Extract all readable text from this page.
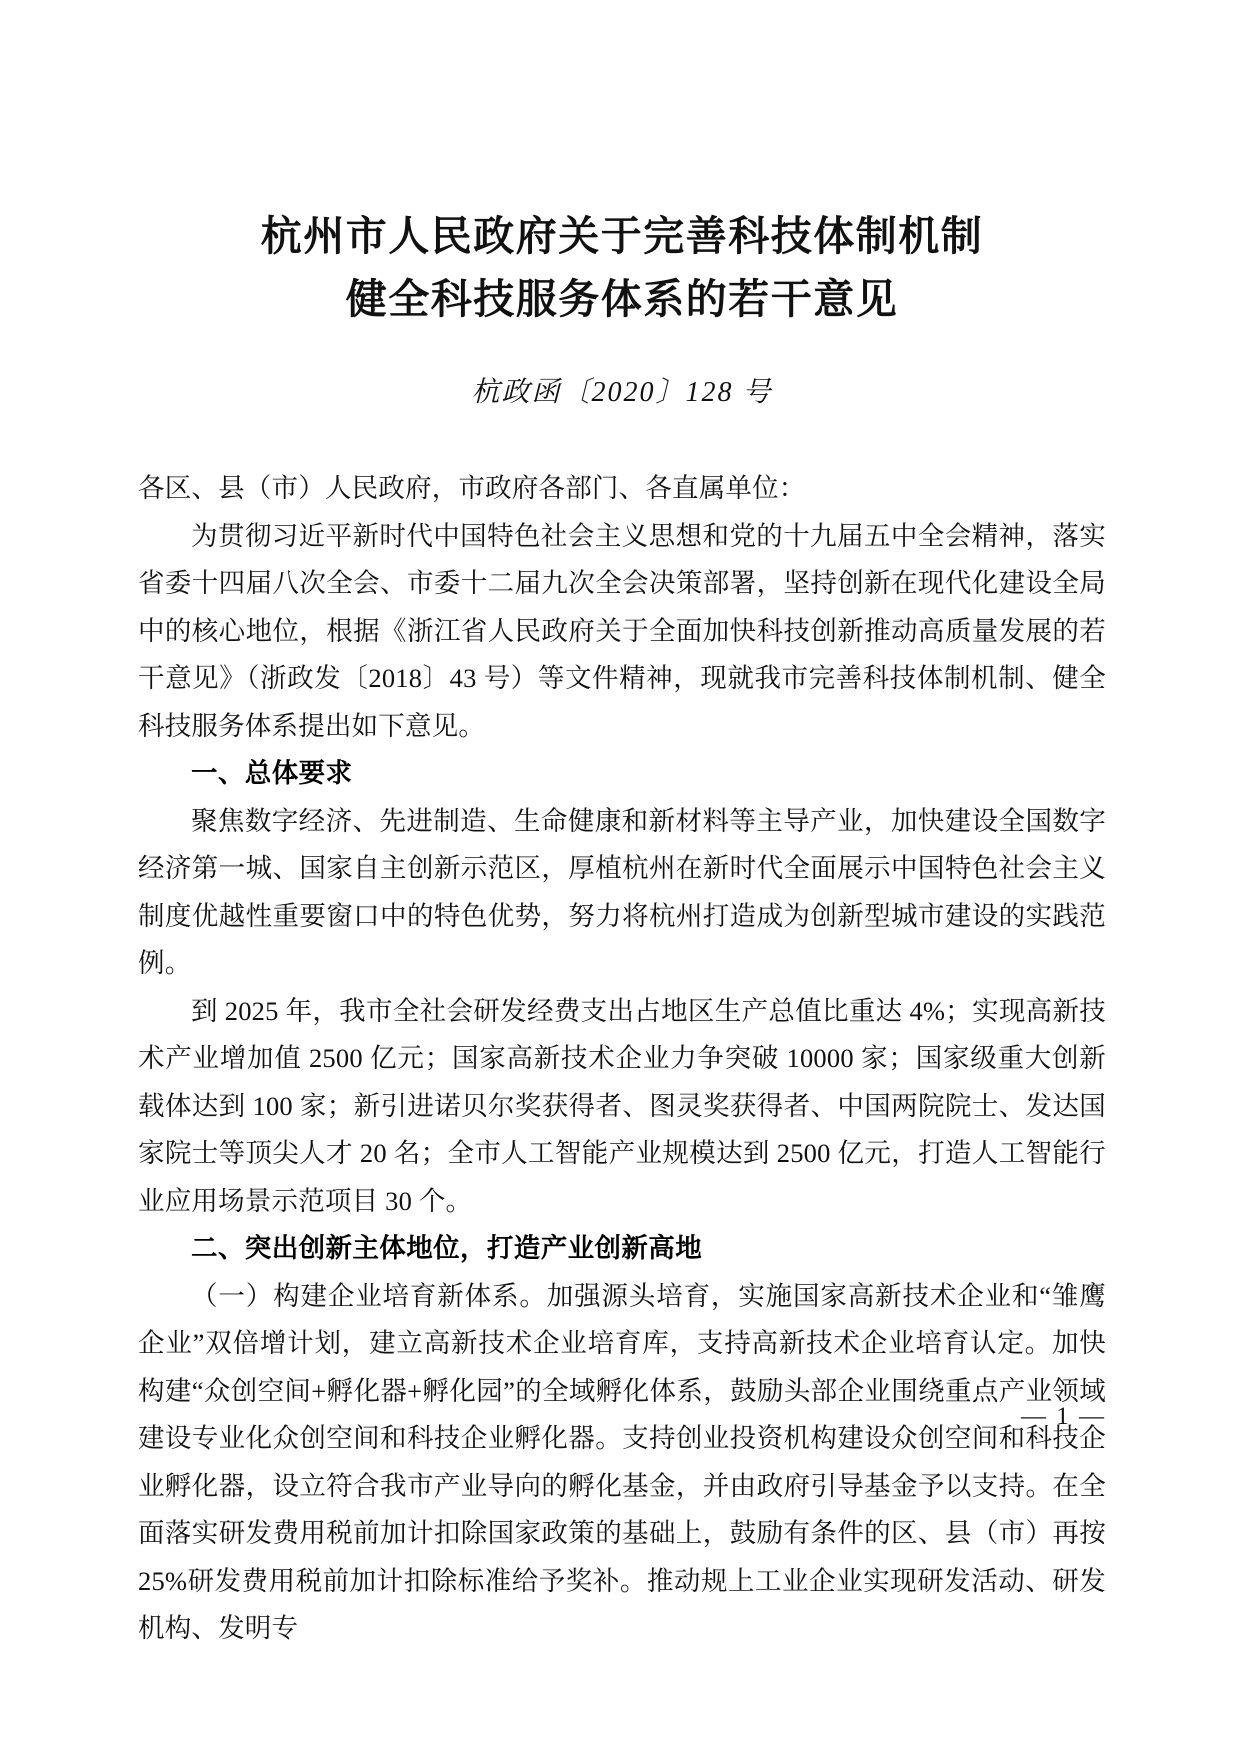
杭州市人民政府关于完善科技体制机制
健全科技服务体系的若干意见
杭政函〔2020〕128 号

各区、县（市）人民政府，市政府各部门、各直属单位：

为贯彻习近平新时代中国特色社会主义思想和党的十九届五中全会精神，落实省委十四届八次全会、市委十二届九次全会决策部署，坚持创新在现代化建设全局中的核心地位，根据《浙江省人民政府关于全面加快科技创新推动高质量发展的若干意见》（浙政发〔2018〕43 号）等文件精神，现就我市完善科技体制机制、健全科技服务体系提出如下意见。

一、总体要求

聚焦数字经济、先进制造、生命健康和新材料等主导产业，加快建设全国数字经济第一城、国家自主创新示范区，厚植杭州在新时代全面展示中国特色社会主义制度优越性重要窗口中的特色优势，努力将杭州打造成为创新型城市建设的实践范例。

到 2025 年，我市全社会研发经费支出占地区生产总值比重达 4%；实现高新技术产业增加值 2500 亿元；国家高新技术企业力争突破 10000 家；国家级重大创新载体达到 100 家；新引进诺贝尔奖获得者、图灵奖获得者、中国两院院士、发达国家院士等顶尖人才 20 名；全市人工智能产业规模达到 2500 亿元，打造人工智能行业应用场景示范项目 30 个。

二、突出创新主体地位，打造产业创新高地

（一）构建企业培育新体系。加强源头培育，实施国家高新技术企业和“雏鹰企业”双倍增计划，建立高新技术企业培育库，支持高新技术企业培育认定。加快构建“众创空间+孵化器+孵化园”的全域孵化体系，鼓励头部企业围绕重点产业领域建设专业化众创空间和科技企业孵化器。支持创业投资机构建设众创空间和科技企业孵化器，设立符合我市产业导向的孵化基金，并由政府引导基金予以支持。在全面落实研发费用税前加计扣除国家政策的基础上，鼓励有条件的区、县（市）再按 25%研发费用税前加计扣除标准给予奖补。推动规上工业企业实现研发活动、研发机构、发明专

— 1 —
